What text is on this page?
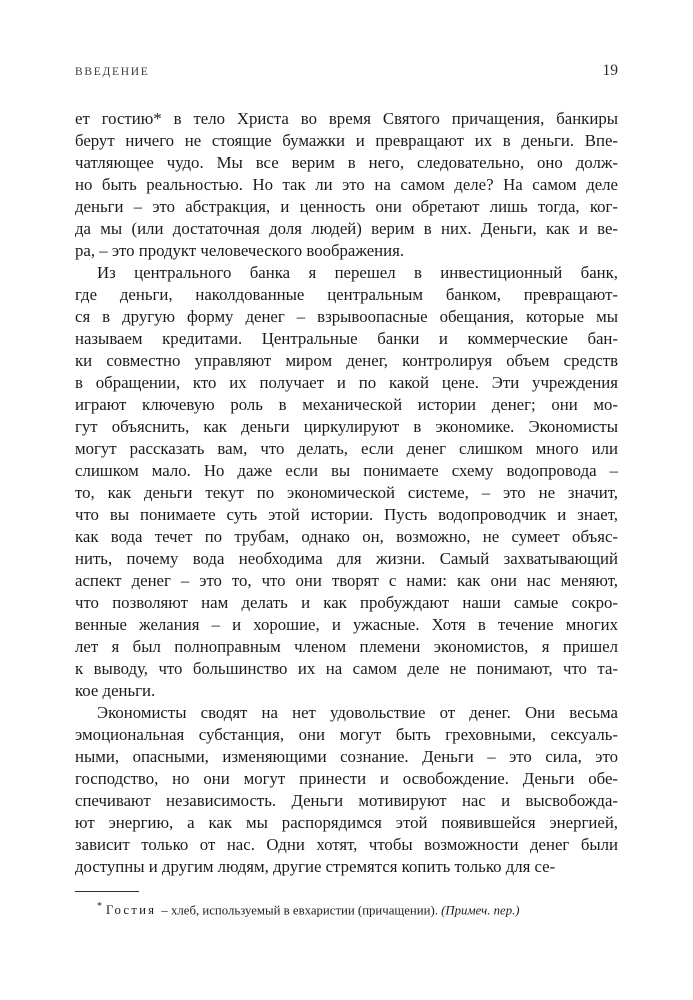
ВВЕДЕНИЕ	19
ет гостию* в тело Христа во время Святого причащения, банкиры
берут ничего не стоящие бумажки и превращают их в деньги. Впе-
чатляющее чудо. Мы все верим в него, следовательно, оно долж-
но быть реальностью. Но так ли это на самом деле? На самом деле
деньги – это абстракция, и ценность они обретают лишь тогда, ког-
да мы (или достаточная доля людей) верим в них. Деньги, как и ве-
ра, – это продукт человеческого воображения.
Из центрального банка я перешел в инвестиционный банк,
где деньги, наколдованные центральным банком, превращают-
ся в другую форму денег – взрывоопасные обещания, которые мы
называем кредитами. Центральные банки и коммерческие бан-
ки совместно управляют миром денег, контролируя объем средств
в обращении, кто их получает и по какой цене. Эти учреждения
играют ключевую роль в механической истории денег; они мо-
гут объяснить, как деньги циркулируют в экономике. Экономисты
могут рассказать вам, что делать, если денег слишком много или
слишком мало. Но даже если вы понимаете схему водопровода –
то, как деньги текут по экономической системе, – это не значит,
что вы понимаете суть этой истории. Пусть водопроводчик и знает,
как вода течет по трубам, однако он, возможно, не сумеет объяс-
нить, почему вода необходима для жизни. Самый захватывающий
аспект денег – это то, что они творят с нами: как они нас меняют,
что позволяют нам делать и как пробуждают наши самые сокро-
венные желания – и хорошие, и ужасные. Хотя в течение многих
лет я был полноправным членом племени экономистов, я пришел
к выводу, что большинство их на самом деле не понимают, что та-
кое деньги.
Экономисты сводят на нет удовольствие от денег. Они весьма
эмоциональная субстанция, они могут быть греховными, сексуаль-
ными, опасными, изменяющими сознание. Деньги – это сила, это
господство, но они могут принести и освобождение. Деньги обе-
спечивают независимость. Деньги мотивируют нас и высвобожда-
ют энергию, а как мы распорядимся этой появившейся энергией,
зависит только от нас. Одни хотят, чтобы возможности денег были
доступны и другим людям, другие стремятся копить только для се-
* Гостия – хлеб, используемый в евхаристии (причащении). (Примеч. пер.)
